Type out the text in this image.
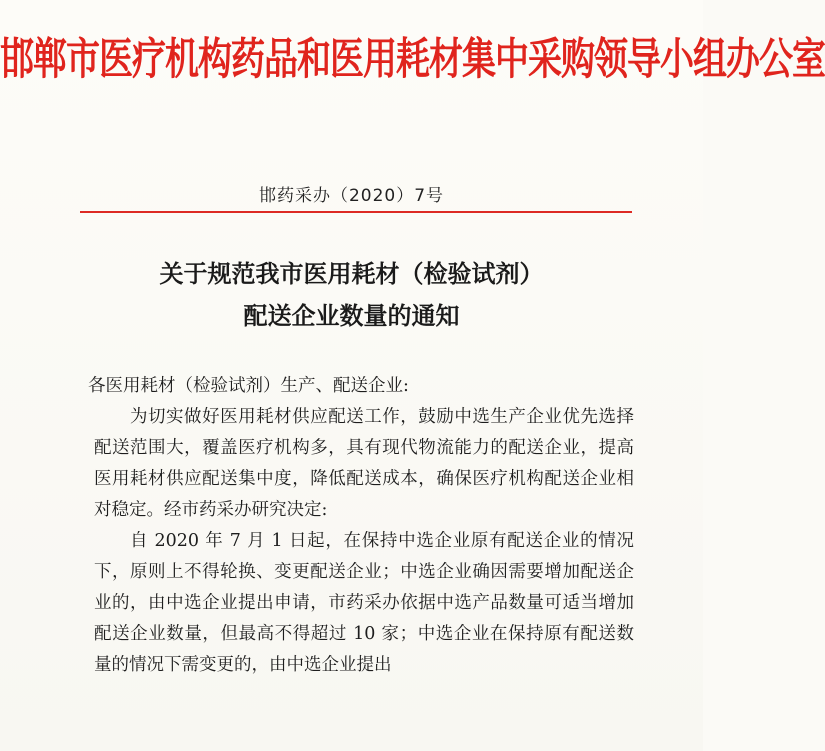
邯郸市医疗机构药品和医用耗材集中采购领导小组办公室
邯药采办（2020）7号
关于规范我市医用耗材（检验试剂）
配送企业数量的通知

各医用耗材（检验试剂）生产、配送企业:

为切实做好医用耗材供应配送工作，鼓励中选生产企业优先选择配送范围大，覆盖医疗机构多，具有现代物流能力的配送企业，提高医用耗材供应配送集中度，降低配送成本，确保医疗机构配送企业相对稳定。经市药采办研究决定:

自 2020 年 7 月 1 日起，在保持中选企业原有配送企业的情况下，原则上不得轮换、变更配送企业；中选企业确因需要增加配送企业的，由中选企业提出申请，市药采办依据中选产品数量可适当增加配送企业数量，但最高不得超过 10 家；中选企业在保持原有配送数量的情况下需变更的，由中选企业提出
